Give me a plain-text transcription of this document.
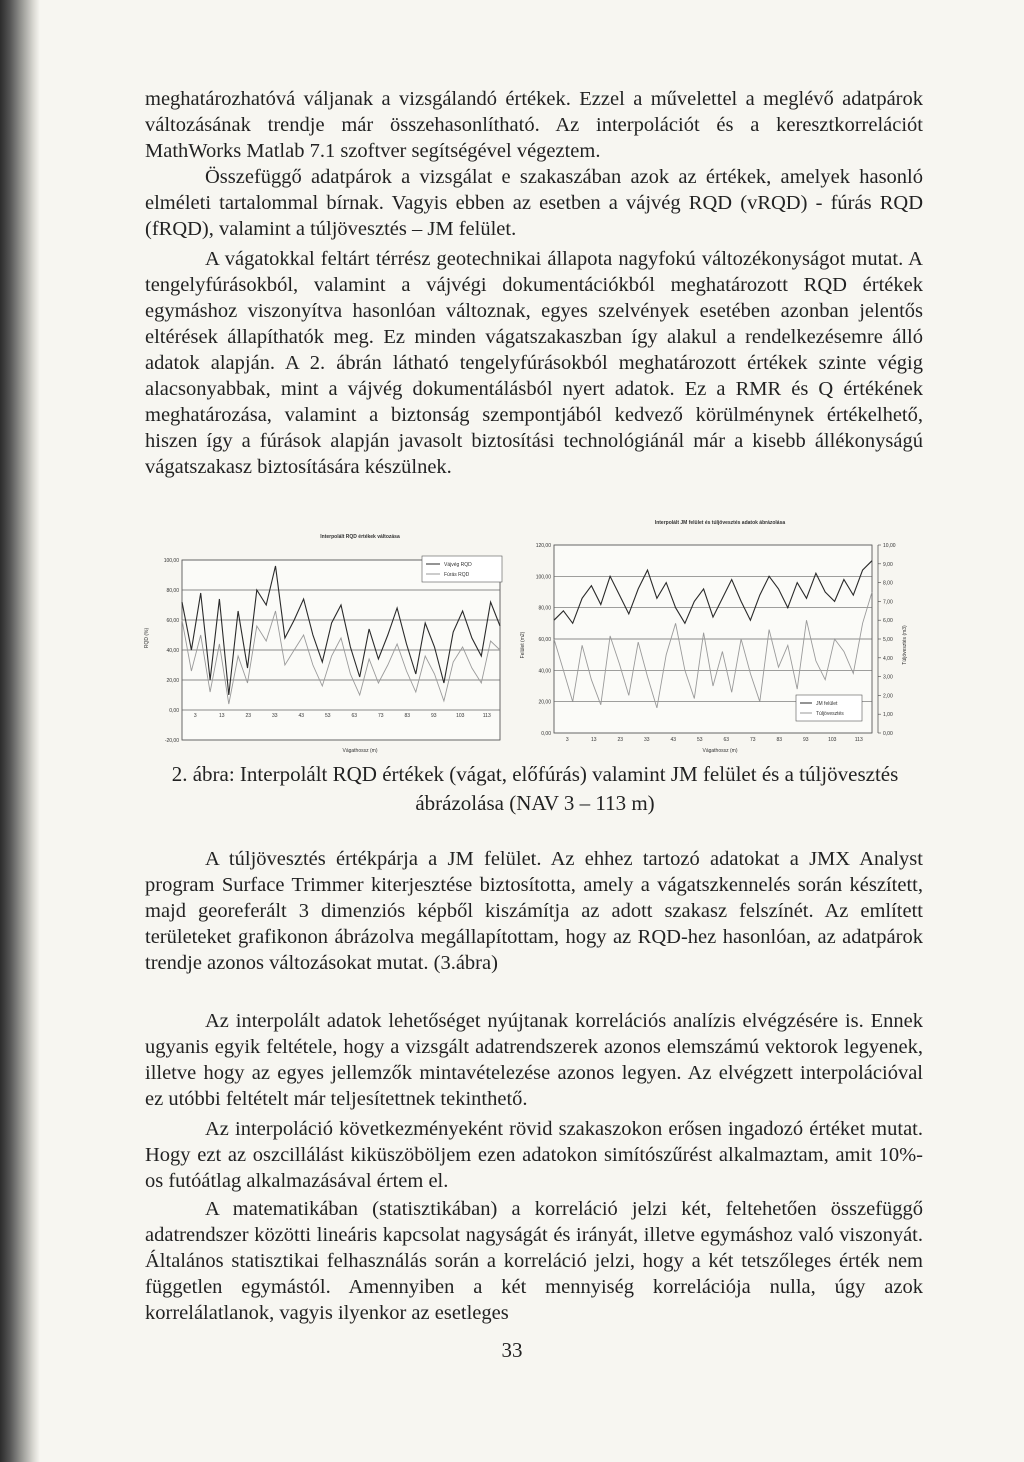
meghatározhatóvá váljanak a vizsgálandó értékek. Ezzel a művelettel a meglévő adatpárok változásának trendje már összehasonlítható. Az interpolációt és a keresztkorrelációt MathWorks Matlab 7.1 szoftver segítségével végeztem.

Összefüggő adatpárok a vizsgálat e szakaszában azok az értékek, amelyek hasonló elméleti tartalommal bírnak. Vagyis ebben az esetben a vájvég RQD (vRQD) - fúrás RQD (fRQD), valamint a túljövesztés – JM felület.

A vágatokkal feltárt térrész geotechnikai állapota nagyfokú változékonyságot mutat. A tengelyfúrásokból, valamint a vájvégi dokumentációkból meghatározott RQD értékek egymáshoz viszonyítva hasonlóan változnak, egyes szelvények esetében azonban jelentős eltérések állapíthatók meg. Ez minden vágatszakaszban így alakul a rendelkezésemre álló adatok alapján. A 2. ábrán látható tengelyfúrásokból meghatározott értékek szinte végig alacsonyabbak, mint a vájvég dokumentálásból nyert adatok. Ez a RMR és Q értékének meghatározása, valamint a biztonság szempontjából kedvező körülménynek értékelhető, hiszen így a fúrások alapján javasolt biztosítási technológiánál már a kisebb állékonyságú vágatszakasz biztosítására készülnek.

Interpolált RQD értékek változása
RQD (%)
Vágathossz (m)
100,00
80,00
60,00
40,00
20,00
0,00
-20,00
3	13	23	33	43	53	63	73	83	93	103	113
Vájvég RQD
Fúrás RQD
Interpolált JM felület és túljövesztés adatok ábrázolása
Felület (m2)	Túljövesztés (m3)
Vágathossz (m)
120,00
100,00
80,00
60,00
40,00
20,00
0,00
10,00
9,00
8,00
7,00
6,00
5,00
4,00
3,00
2,00
1,00
0,00
3	13	23	33	43	53	63	73	83	93	103	113
JM felület
Túljövesztés
2. ábra: Interpolált RQD értékek (vágat, előfúrás) valamint JM felület és a túljövesztés ábrázolása (NAV 3 – 113 m)

A túljövesztés értékpárja a JM felület. Az ehhez tartozó adatokat a JMX Analyst program Surface Trimmer kiterjesztése biztosította, amely a vágatszkennelés során készített, majd georeferált 3 dimenziós képből kiszámítja az adott szakasz felszínét. Az említett területeket grafikonon ábrázolva megállapítottam, hogy az RQD-hez hasonlóan, az adatpárok trendje azonos változásokat mutat. (3.ábra)

Az interpolált adatok lehetőséget nyújtanak korrelációs analízis elvégzésére is. Ennek ugyanis egyik feltétele, hogy a vizsgált adatrendszerek azonos elemszámú vektorok legyenek, illetve hogy az egyes jellemzők mintavételezése azonos legyen. Az elvégzett interpolációval ez utóbbi feltételt már teljesítettnek tekinthető.

Az interpoláció következményeként rövid szakaszokon erősen ingadozó értéket mutat. Hogy ezt az oszcillálást kiküszöböljem ezen adatokon simítószűrést alkalmaztam, amit 10%-os futóátlag alkalmazásával értem el.

A matematikában (statisztikában) a korreláció jelzi két, feltehetően összefüggő adatrendszer közötti lineáris kapcsolat nagyságát és irányát, illetve egymáshoz való viszonyát. Általános statisztikai felhasználás során a korreláció jelzi, hogy a két tetszőleges érték nem független egymástól. Amennyiben a két mennyiség korrelációja nulla, úgy azok korrelálatlanok, vagyis ilyenkor az esetleges

33
